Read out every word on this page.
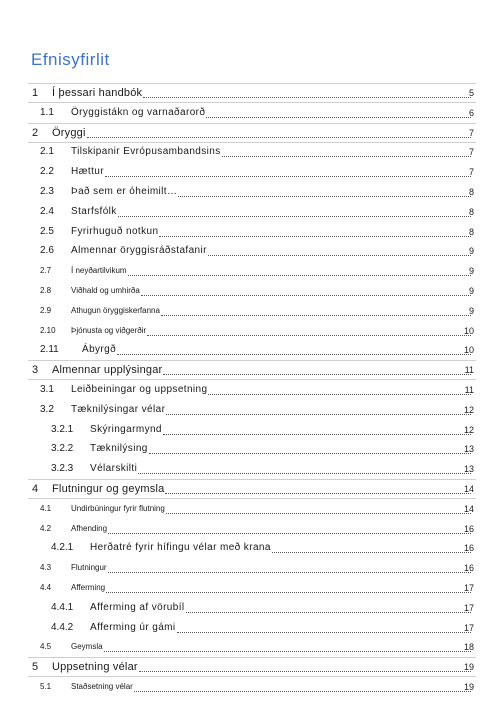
Efnisyfirlit
1 Í þessari handbók	5
1.1 Öryggistákn og varnaðarorð	6
2 Öryggi	7
2.1 Tilskipanir Evrópusambandsins	7
2.2 Hættur	7
2.3 Það sem er óheimilt…	8
2.4 Starfsfólk	8
2.5 Fyrirhuguð notkun	8
2.6 Almennar öryggisráðstafanir	9
2.7 Í neyðartilvikum	9
2.8 Viðhald og umhirða	9
2.9 Athugun öryggiskerfanna	9
2.10 Þjónusta og viðgerðir	10
2.11 Ábyrgð	10
3 Almennar upplýsingar	11
3.1 Leiðbeiningar og uppsetning	11
3.2 Tæknilýsingar vélar	12
3.2.1 Skýringarmynd	12
3.2.2 Tæknilýsing	13
3.2.3 Vélarskilti	13
4 Flutningur og geymsla	14
4.1 Undirbúningur fyrir flutning	14
4.2 Afhending	16
4.2.1 Herðatré fyrir hífingu vélar með krana	16
4.3 Flutningur	16
4.4 Afferming	17
4.4.1 Afferming af vörubíl	17
4.4.2 Afferming úr gámi	17
4.5 Geymsla	18
5 Uppsetning vélar	19
5.1 Staðsetning vélar	19
